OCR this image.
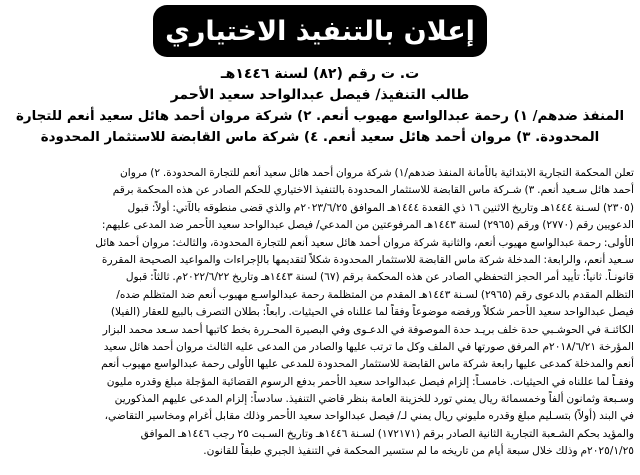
إعلان بالتنفيذ الاختياري
ت. ت رقم (٨٢) لسنة ١٤٤٦هـ
طالب التنفيذ/ فيصل عبدالواحد سعيد الأحمر
المنفذ ضدهم/ ١) رحمة عبدالواسع مهيوب أنعم. ٢) شركة مروان أحمد هائل سعيد أنعم للتجارة
المحدودة. ٣) مروان أحمد هائل سعيد أنعم. ٤) شركة ماس القابضة للاستثمار المحدودة
تعلن المحكمة التجارية الابتدائية بالأمانة المنفذ ضدهم/١) شركة مروان أحمد هائل سعيد أنعم للتجارة المحدودة. ٢) مروان
أحمد هائل سـعيد أنعم. ٣) شـركة ماس القابضة للاستثمار المحدودة بالتنفيذ الاختياري للحكم الصادر عن هذه المحكمة برقم
(٢٣٠٥) لسـنة ١٤٤٤هـ وتاريخ الاثنين ١٦ ذي القعدة ١٤٤٤هـ الموافق ٢٠٢٣/٦/٢٥م والذي قضى منطوقه بالآتي: أولاً: قبول
الدعويين رقم (٢٧٧٠) ورقم (٢٩٦٥) لسنة ١٤٤٣هـ المرفوعتين من المدعي/ فيصل عبدالواحد سعيد الأحمر ضد المدعى عليهم:
الأولى: رحمة عبدالواسع مهيوب أنعم، والثانية شركة مروان أحمد هائل سعيد أنعم للتجارة المحدودة، والثالث: مروان أحمد هائل
سـعيد أنعم، والرابعة: المدخلة شركة ماس القابضة للاستثمار المحدودة شكلاً لتقديمها بالإجراءات والمواعيد الصحيحة المقررة
قانونـاً. ثانياً: تأييد أمر الحجز التحفظي الصادر عن هذه المحكمة برقم (٦٧) لسنة ١٤٤٣هـ وتاريخ ٢٠٢٢/٦/٢٢م. ثالثاً: قبول
التظلم المقدم بالدعوى رقم (٢٩٦٥) لسـنة ١٤٤٣هـ المقدم من المتظلمة رحمة عبدالواسـع مهيوب أنعم ضد المتظلم ضده/
فيصل عبدالواحد سعيد الأحمر شكلاً ورفضه موضوعاً وفقاً لما عللناه في الحيثيات. رابعاً: بطلان التصرف بالبيع للعقار (الفيلا)
الكائنـة في الحوشـبي حدة خلف بريـد حدة الموصوفة في الدعـوى وفي البصيرة المحـررة بخط كاتبها أحمد سـعد محمد البزار
المؤرخة ٢٠١٨/٦/٢١م المرفق صورتها في الملف وكل ما ترتب عليها والصادر من المدعى عليه الثالث مروان أحمد هائل سعيد
أنعم والمدخلة كمدعى عليها رابعة شركة ماس القابضة للاستثمار المحدودة للمدعى عليها الأولى رحمة عبدالواسع مهيوب أنعم
وفقـاً لما عللناه في الحيثيات. خامسـاً: إلزام فيصل عبدالواحد سعيد الأحمر بدفع الرسوم القضائية المؤجلة مبلغ وقدره مليون
وسـبعة وثمانون ألفاً وخمسمائة ريال يمني تورد للخزينة العامة بنظر قاضي التنفيذ. سادساً: إلزام المدعى عليهم المذكورين
في البند (أولاً) بتسـليم مبلغ وقدره مليوني ريال يمني لـ/ فيصل عبدالواحد سعيد الأحمر وذلك مقابل أغرام ومخاسير التقاضي،
والمؤيد بحكم الشـعبة التجارية الثانية الصادر برقم (١٧٢١٧١) لسـنة ١٤٤٦هـ وتاريخ السـبت ٢٥ رجب ١٤٤٦هـ الموافق
٢٠٢٥/١/٢٥م وذلك خلال سبعة أيام من تاريخه ما لم ستسير المحكمة في التنفيذ الجبري طبقاً للقانون.
